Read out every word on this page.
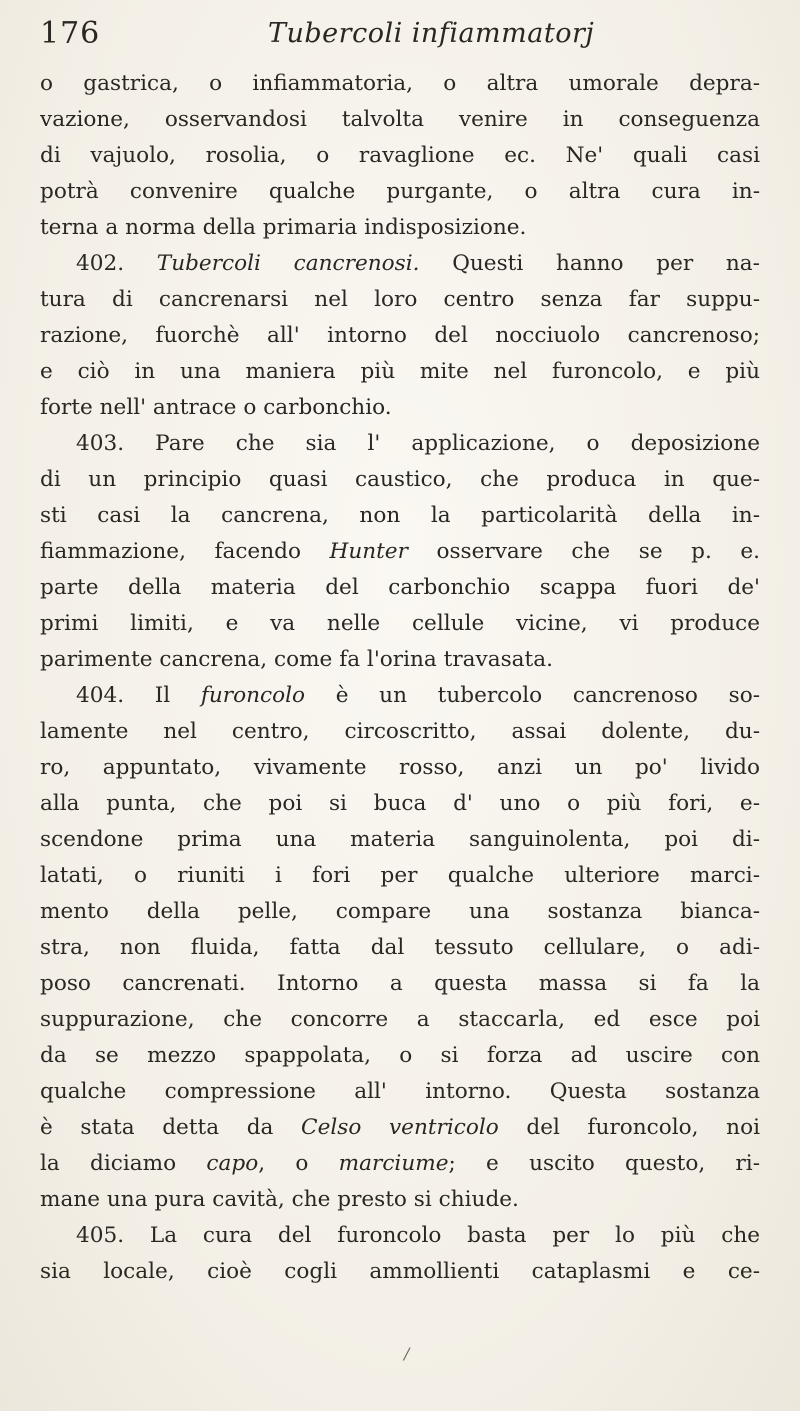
176	Tubercoli infiammatorj
o gastrica, o infiammatoria, o altra umorale depra-
vazione, osservandosi talvolta venire in conseguenza
di vajuolo, rosolia, o ravaglione ec. Ne' quali casi
potrà convenire qualche purgante, o altra cura in-
terna a norma della primaria indisposizione.
402. Tubercoli cancrenosi. Questi hanno per na-
tura di cancrenarsi nel loro centro senza far suppu-
razione, fuorchè all' intorno del nocciuolo cancrenoso;
e ciò in una maniera più mite nel furoncolo, e più
forte nell' antrace o carbonchio.
403. Pare che sia l' applicazione, o deposizione
di un principio quasi caustico, che produca in que-
sti casi la cancrena, non la particolarità della in-
fiammazione, facendo Hunter osservare che se p. e.
parte della materia del carbonchio scappa fuori de'
primi limiti, e va nelle cellule vicine, vi produce
parimente cancrena, come fa l'orina travasata.
404. Il furoncolo è un tubercolo cancrenoso so-
lamente nel centro, circoscritto, assai dolente, du-
ro, appuntato, vivamente rosso, anzi un po' livido
alla punta, che poi si buca d' uno o più fori, e-
scendone prima una materia sanguinolenta, poi di-
latati, o riuniti i fori per qualche ulteriore marci-
mento della pelle, compare una sostanza bianca-
stra, non fluida, fatta dal tessuto cellulare, o adi-
poso cancrenati. Intorno a questa massa si fa la
suppurazione, che concorre a staccarla, ed esce poi
da se mezzo spappolata, o si forza ad uscire con
qualche compressione all' intorno. Questa sostanza
è stata detta da Celso ventricolo del furoncolo, noi
la diciamo capo, o marciume; e uscito questo, ri-
mane una pura cavità, che presto si chiude.
405. La cura del furoncolo basta per lo più che
sia locale, cioè cogli ammollienti cataplasmi e ce-
/
